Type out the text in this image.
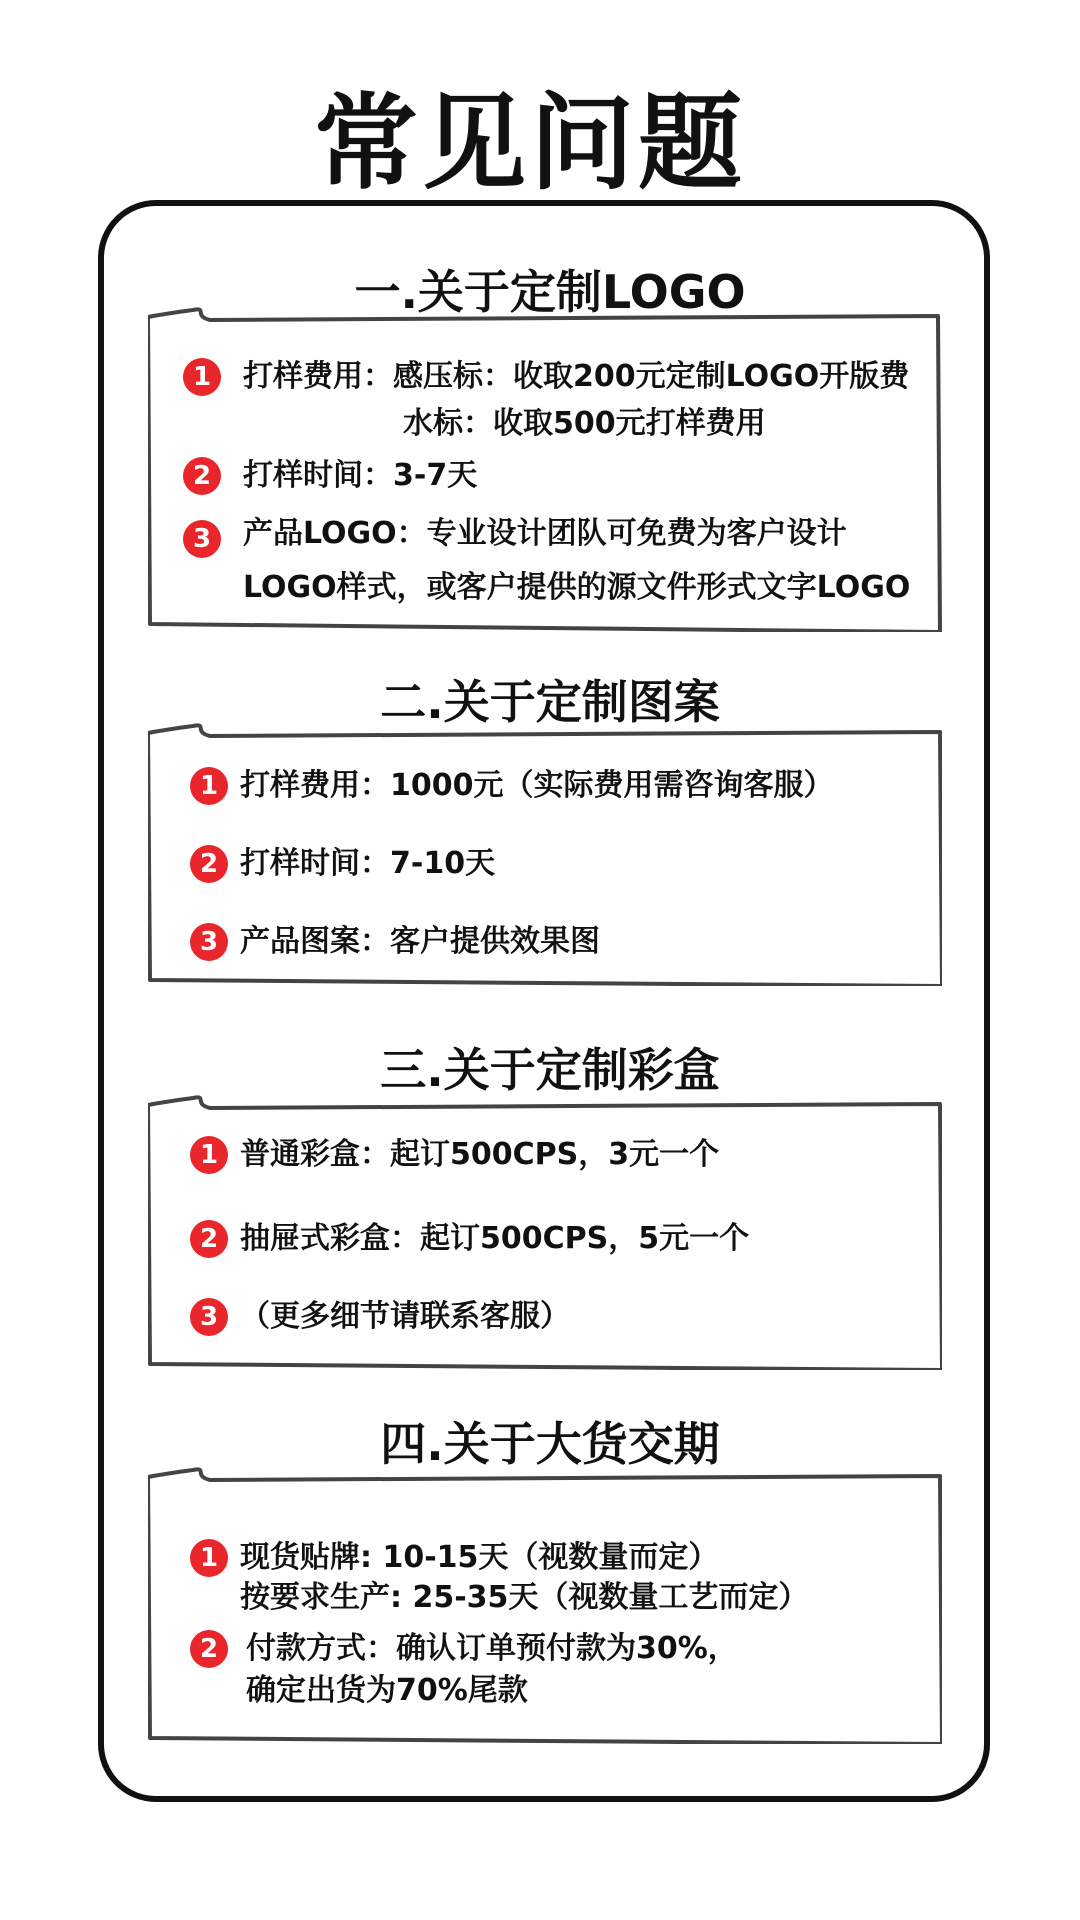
常见问题
一.关于定制LOGO
1	打样费用：感压标：收取200元定制LOGO开版费
水标：收取500元打样费用
2	打样时间：3-7天
3	产品LOGO：专业设计团队可免费为客户设计
LOGO样式，或客户提供的源文件形式文字LOGO
二.关于定制图案
1 打样费用：1000元（实际费用需咨询客服）
2 打样时间：7-10天
3 产品图案：客户提供效果图
三.关于定制彩盒
1 普通彩盒：起订500CPS，3元一个
2 抽屉式彩盒：起订500CPS，5元一个
3 （更多细节请联系客服）
四.关于大货交期
1 现货贴牌: 10-15天（视数量而定）
按要求生产: 25-35天（视数量工艺而定）
2 付款方式：确认订单预付款为30%，
确定出货为70%尾款
